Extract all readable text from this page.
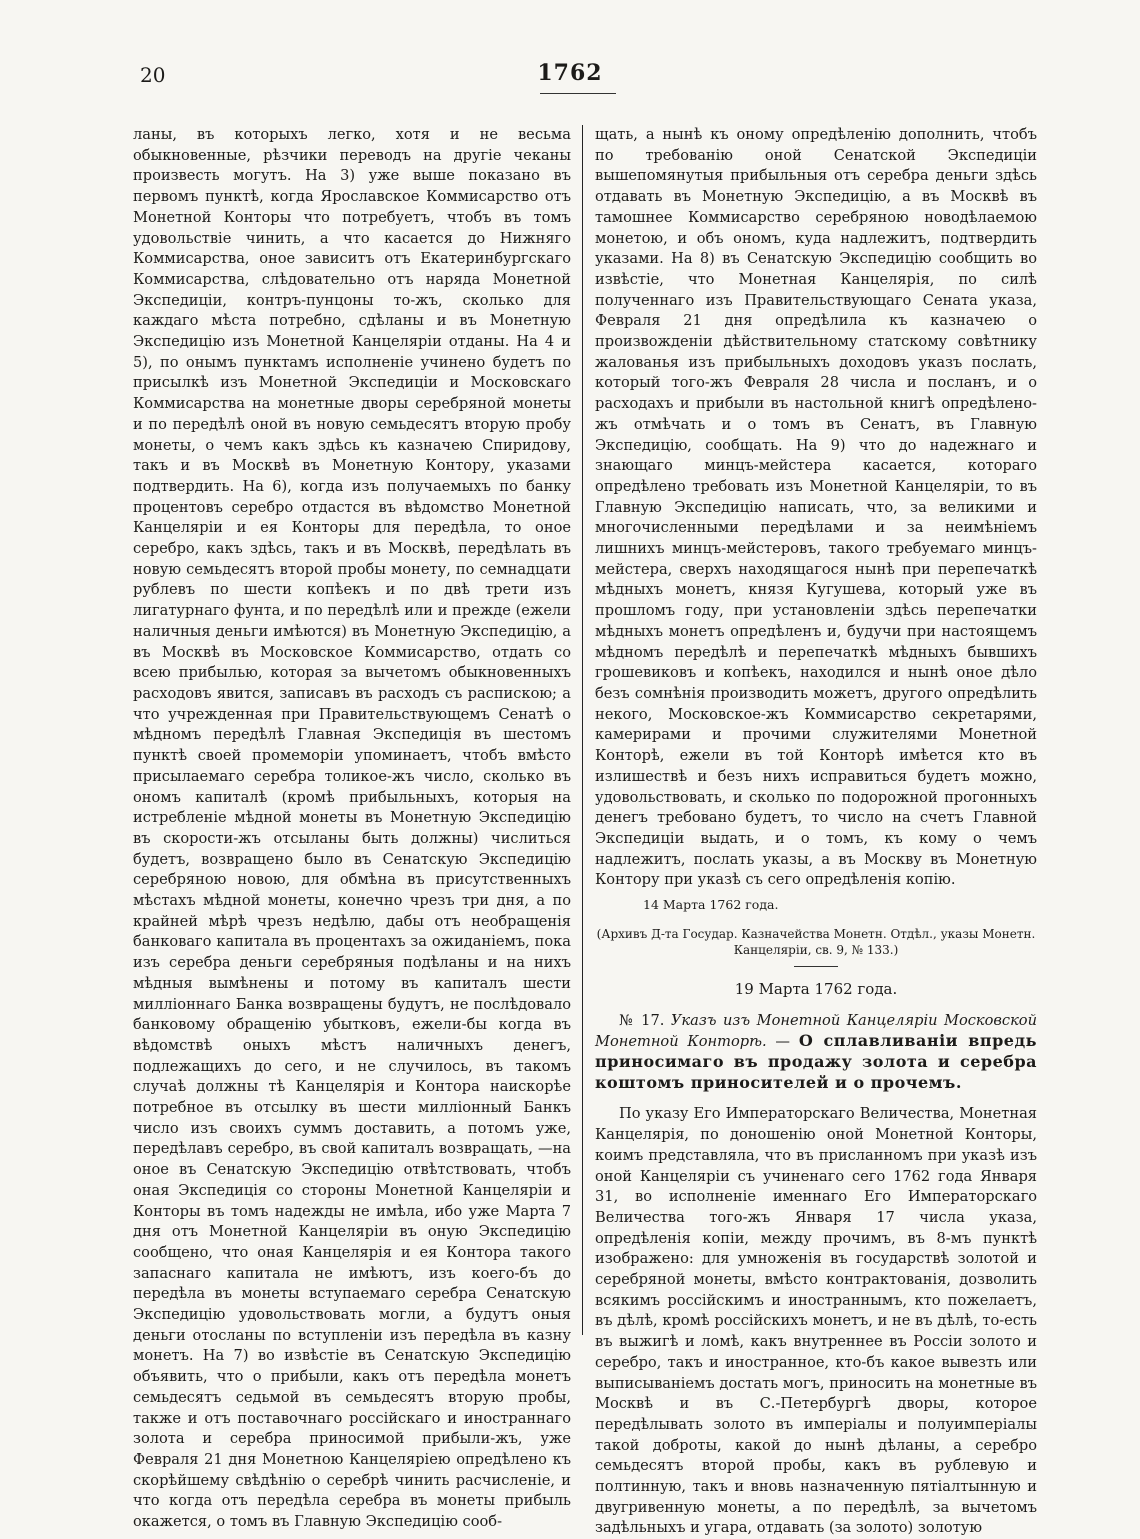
20	1762

ланы, въ которыхъ легко, хотя и не весьма обыкновенные, рѣзчики переводъ на другіе чеканы произвесть могутъ. На 3) уже выше показано въ первомъ пунктѣ, когда Ярославское Коммисарство отъ Монетной Конторы что потребуетъ, чтобъ въ томъ удовольствіе чинить, а что касается до Нижняго Коммисарства, оное зависитъ отъ Екатеринбургскаго Коммисарства, слѣдовательно отъ наряда Монетной Экспедиціи, контръ-пунцоны то-жъ, сколько для каждаго мѣста потребно, сдѣланы и въ Монетную Экспедицію изъ Монетной Канцеляріи отданы. На 4 и 5), по онымъ пунктамъ исполненіе учинено будетъ по присылкѣ изъ Монетной Экспедиціи и Московскаго Коммисарства на монетные дворы серебряной монеты и по передѣлѣ оной въ новую семьдесятъ вторую пробу монеты, о чемъ какъ здѣсь къ казначею Спиридову, такъ и въ Москвѣ въ Монетную Контору, указами подтвердить. На 6), когда изъ получаемыхъ по банку процентовъ серебро отдастся въ вѣдомство Монетной Канцеляріи и ея Конторы для передѣла, то оное серебро, какъ здѣсь, такъ и въ Москвѣ, передѣлать въ новую семьдесятъ второй пробы монету, по семнадцати рублевъ по шести копѣекъ и по двѣ трети изъ лигатурнаго фунта, и по передѣлѣ или и прежде (ежели наличныя деньги имѣются) въ Монетную Экспедицію, а въ Москвѣ въ Московское Коммисарство, отдать со всею прибылью, которая за вычетомъ обыкновенныхъ расходовъ явится, записавъ въ расходъ съ распискою; а что учрежденная при Правительствующемъ Сенатѣ о мѣдномъ передѣлѣ Главная Экспедиція въ шестомъ пунктѣ своей промеморіи упоминаетъ, чтобъ вмѣсто присылаемаго серебра толикое-жъ число, сколько въ ономъ капиталѣ (кромѣ прибыльныхъ, которыя на истребленіе мѣдной монеты въ Монетную Экспедицію въ скорости-жъ отсыланы быть должны) числиться будетъ, возвращено было въ Сенатскую Экспедицію серебряною новою, для обмѣна въ присутственныхъ мѣстахъ мѣдной монеты, конечно чрезъ три дня, а по крайней мѣрѣ чрезъ недѣлю, дабы отъ необращенія банковаго капитала въ процентахъ за ожиданіемъ, пока изъ серебра деньги серебряныя подѣланы и на нихъ мѣдныя вымѣнены и потому въ капиталъ шести милліоннаго Банка возвращены будутъ, не послѣдовало банковому обращенію убытковъ, ежели-бы когда въ вѣдомствѣ оныхъ мѣстъ наличныхъ денегъ, подлежащихъ до сего, и не случилось, въ такомъ случаѣ должны тѣ Канцелярія и Контора наискорѣе потребное въ отсылку въ шести милліонный Банкъ число изъ своихъ суммъ доставить, а потомъ уже, передѣлавъ серебро, въ свой капиталъ возвращать, —на оное въ Сенатскую Экспедицію отвѣтствовать, чтобъ оная Экспедиція со стороны Монетной Канцеляріи и Конторы въ томъ надежды не имѣла, ибо уже Марта 7 дня отъ Монетной Канцеляріи въ оную Экспедицію сообщено, что оная Канцелярія и ея Контора такого запаснаго капитала не имѣютъ, изъ коего-бъ до передѣла въ монеты вступаемаго серебра Сенатскую Экспедицію удовольствовать могли, а будутъ оныя деньги отосланы по вступленіи изъ передѣла въ казну монетъ. На 7) во извѣстіе въ Сенатскую Экспедицію объявить, что о прибыли, какъ отъ передѣла монетъ семьдесятъ седьмой въ семьдесятъ вторую пробы, также и отъ поставочнаго россійскаго и иностраннаго золота и серебра приносимой прибыли-жъ, уже Февраля 21 дня Монетною Канцеляріею опредѣлено къ скорѣйшему свѣдѣнію о серебрѣ чинить расчисленіе, и что когда отъ передѣла серебра въ монеты прибыль окажется, о томъ въ Главную Экспедицію сооб-

щать, а нынѣ къ оному опредѣленію дополнить, чтобъ по требованію оной Сенатской Экспедиціи вышепомянутыя прибыльныя отъ серебра деньги здѣсь отдавать въ Монетную Экспедицію, а въ Москвѣ въ тамошнее Коммисарство серебряною новодѣлаемою монетою, и объ ономъ, куда надлежитъ, подтвердить указами. На 8) въ Сенатскую Экспедицію сообщить во извѣстіе, что Монетная Канцелярія, по силѣ полученнаго изъ Правительствующаго Сената указа, Февраля 21 дня опредѣлила къ казначею о произвожденіи дѣйствительному статскому совѣтнику жалованья изъ прибыльныхъ доходовъ указъ послать, который того-жъ Февраля 28 числа и посланъ, и о расходахъ и прибыли въ настольной книгѣ опредѣлено-жъ отмѣчать и о томъ въ Сенатъ, въ Главную Экспедицію, сообщать. На 9) что до надежнаго и знающаго минцъ-мейстера касается, котораго опредѣлено требовать изъ Монетной Канцеляріи, то въ Главную Экспедицію написать, что, за великими и многочисленными передѣлами и за неимѣніемъ лишнихъ минцъ-мейстеровъ, такого требуемаго минцъ-мейстера, сверхъ находящагося нынѣ при перепечаткѣ мѣдныхъ монетъ, князя Кугушева, который уже въ прошломъ году, при установленіи здѣсь перепечатки мѣдныхъ монетъ опредѣленъ и, будучи при настоящемъ мѣдномъ передѣлѣ и перепечаткѣ мѣдныхъ бывшихъ грошевиковъ и копѣекъ, находился и нынѣ оное дѣло безъ сомнѣнія производить можетъ, другого опредѣлить некого, Московское-жъ Коммисарство секретарями, камерирами и прочими служителями Монетной Конторѣ, ежели въ той Конторѣ имѣется кто въ излишествѣ и безъ нихъ исправиться будетъ можно, удовольствовать, и сколько по подорожной прогонныхъ денегъ требовано будетъ, то число на счетъ Главной Экспедиціи выдать, и о томъ, къ кому о чемъ надлежитъ, послать указы, а въ Москву въ Монетную Контору при указѣ съ сего опредѣленія копію.

14 Марта 1762 года.

(Архивъ Д-та Государ. Казначейства Монетн. Отдѣл., указы Монетн. Канцеляріи, св. 9, № 133.)

19 Марта 1762 года.

№ 17. Указъ изъ Монетной Канцеляріи Московской Монетной Конторѣ. — О сплавливаніи впредь приносимаго въ продажу золота и серебра коштомъ приносителей и о прочемъ.

По указу Его Императорскаго Величества, Монетная Канцелярія, по доношенію оной Монетной Конторы, коимъ представляла, что въ присланномъ при указѣ изъ оной Канцеляріи съ учиненаго сего 1762 года Января 31, во исполненіе именнаго Его Императорскаго Величества того-жъ Января 17 числа указа, опредѣленія копіи, между прочимъ, въ 8-мъ пунктѣ изображено: для умноженія въ государствѣ золотой и серебряной монеты, вмѣсто контрактованія, дозволить всякимъ россійскимъ и иностраннымъ, кто пожелаетъ, въ дѣлѣ, кромѣ россійскихъ монетъ, и не въ дѣлѣ, то-есть въ выжигѣ и ломѣ, какъ внутреннее въ Россіи золото и серебро, такъ и иностранное, кто-бъ какое вывезть или выписываніемъ достать могъ, приносить на монетные въ Москвѣ и въ С.-Петербургѣ дворы, которое передѣлывать золото въ имперіалы и полуимперіалы такой доброты, какой до нынѣ дѣланы, а серебро семьдесятъ второй пробы, какъ въ рублевую и полтинную, такъ и вновь назначенную пятіалтынную и двугривенную монеты, а по передѣлѣ, за вычетомъ задѣльныхъ и угара, отдавать (за золото) золотую
